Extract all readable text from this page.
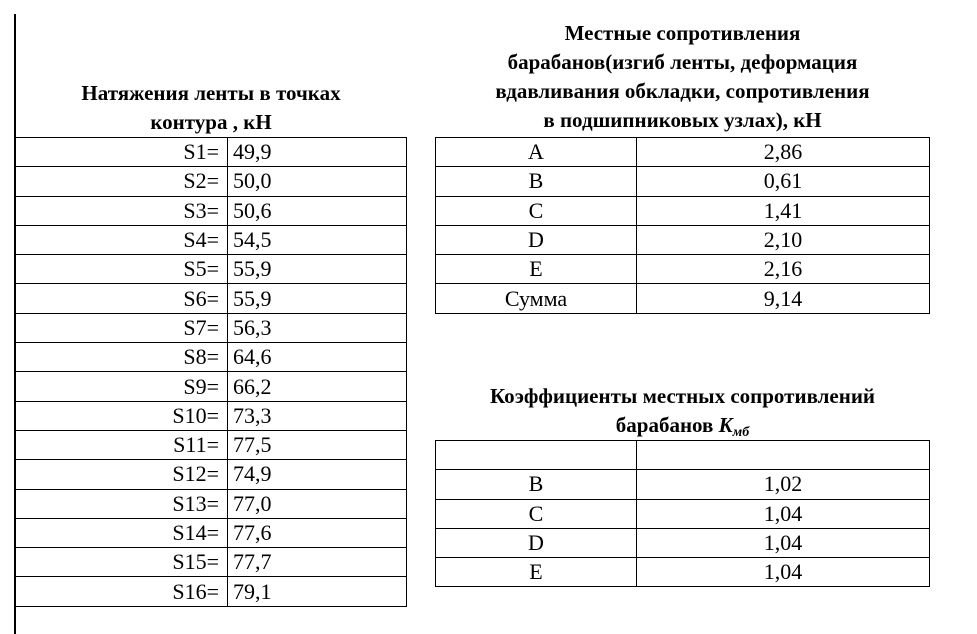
Натяжения ленты в точках
контура , кН
S1=	49,9
S2=	50,0
S3=	50,6
S4=	54,5
S5=	55,9
S6=	55,9
S7=	56,3
S8=	64,6
S9=	66,2
S10=	73,3
S11=	77,5
S12=	74,9
S13=	77,0
S14=	77,6
S15=	77,7
S16=	79,1
Местные сопротивления
барабанов(изгиб ленты, деформация
вдавливания обкладки, сопротивления
в подшипниковых узлах), кН
A	2,86
B	0,61
C	1,41
D	2,10
E	2,16
Сумма	9,14
Коэффициенты местных сопротивлений
барабанов $K_{мб}$

B	1,02
C	1,04
D	1,04
E	1,04
